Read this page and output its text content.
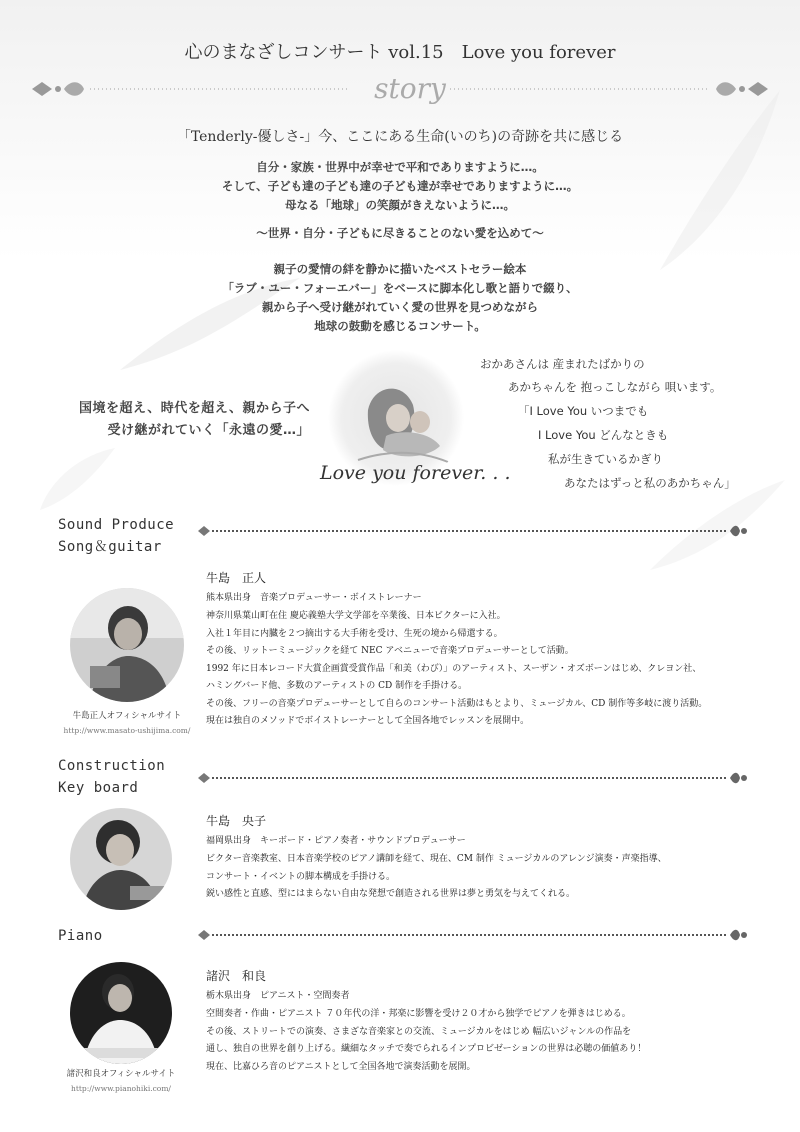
心のまなざしコンサート vol.15　Love you forever
story
「Tenderly-優しさ-」今、ここにある生命(いのち)の奇跡を共に感じる
自分・家族・世界中が幸せで平和でありますように…。
そして、子ども達の子ども達の子ども達が幸せでありますように…。
母なる「地球」の笑顔がきえないように…。
〜世界・自分・子どもに尽きることのない愛を込めて〜
親子の愛情の絆を静かに描いたベストセラー絵本
「ラブ・ユー・フォーエバー」をベースに脚本化し歌と語りで綴り、
親から子へ受け継がれていく愛の世界を見つめながら
地球の鼓動を感じるコンサート。
国境を超え、時代を超え、親から子へ
受け継がれていく「永遠の愛…」
Love you forever. . .
おかあさんは 産まれたばかりの
あかちゃんを 抱っこしながら 唄います。
「I Love You いつまでも
I Love You どんなときも
私が生きているかぎり
あなたはずっと私のあかちゃん」
Sound Produce
Song＆guitar
牛島正人オフィシャルサイト
http://www.masato-ushijima.com/
牛島　正人
熊本県出身　音楽プロデューサー・ボイストレーナー
神奈川県葉山町在住 慶応義塾大学文学部を卒業後、日本ビクターに入社。
入社１年目に内臓を２つ摘出する大手術を受け、生死の境から帰還する。
その後、リットーミュージックを経て NEC アベニューで音楽プロデューサーとして活動。
1992 年に日本レコード大賞企画賞受賞作品「和美（わび）」のアーティスト、スーザン・オズボーンはじめ、クレヨン社、
ハミングバード他、多数のアーティストの CD 制作を手掛ける。
その後、フリーの音楽プロデューサーとして自らのコンサート活動はもとより、ミュージカル、CD 制作等多岐に渡り活動。
現在は独自のメソッドでボイストレーナーとして全国各地でレッスンを展開中。
Construction
Key board
牛島　央子
福岡県出身　キーボード・ピアノ奏者・サウンドプロデューサー
ビクター音楽教室、日本音楽学校のピアノ講師を経て、現在、CM 制作 ミュージカルのアレンジ演奏・声楽指導、
コンサート・イベントの脚本構成を手掛ける。
鋭い感性と直感、型にはまらない自由な発想で創造される世界は夢と勇気を与えてくれる。
Piano
諸沢和良オフィシャルサイト
http://www.pianohiki.com/
諸沢　和良
栃木県出身　ピアニスト・空間奏者
空間奏者・作曲・ピアニスト ７０年代の洋・邦楽に影響を受け２０才から独学でピアノを弾きはじめる。
その後、ストリートでの演奏、さまざな音楽家との交流、ミュージカルをはじめ 幅広いジャンルの作品を
通し、独自の世界を創り上げる。繊細なタッチで奏でられるインプロビゼーションの世界は必聴の価値あり！
現在、比嘉ひろ音のピアニストとして全国各地で演奏活動を展開。
